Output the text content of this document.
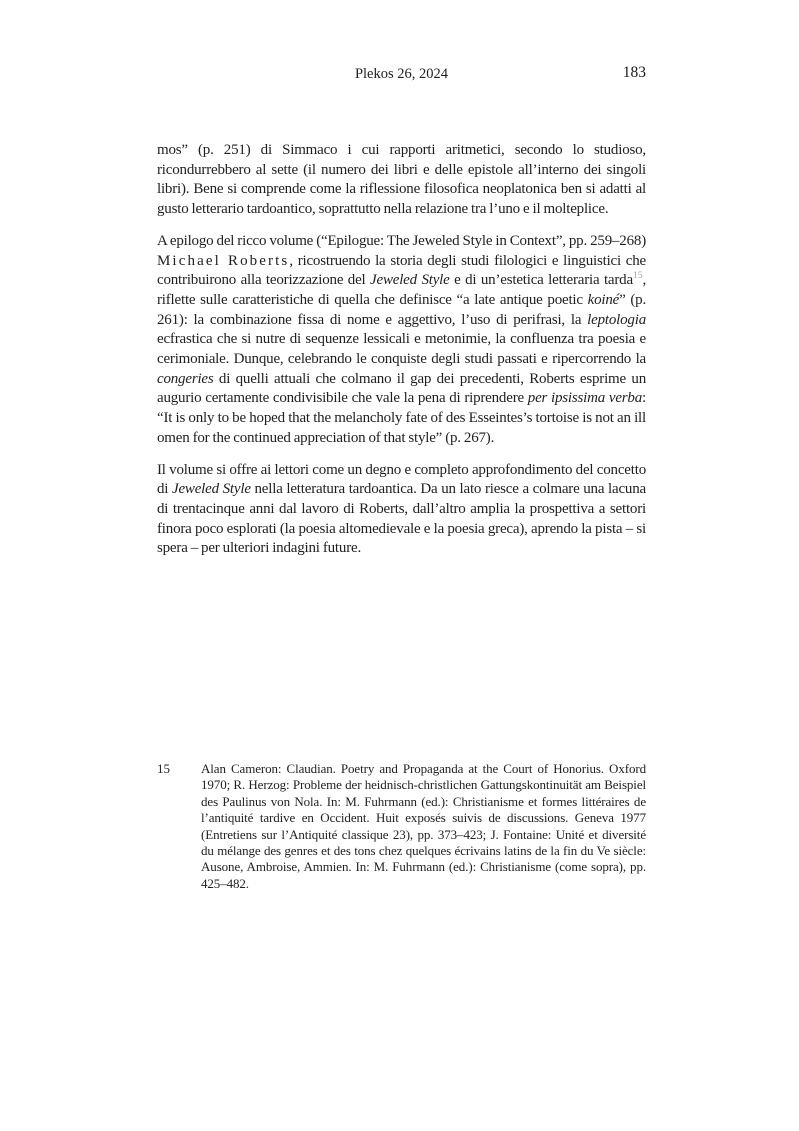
Plekos 26, 2024	183

mos” (p. 251) di Simmaco i cui rapporti aritmetici, secondo lo studioso, ricondurrebbero al sette (il numero dei libri e delle epistole all’interno dei singoli libri). Bene si comprende come la riflessione filosofica neoplatonica ben si adatti al gusto letterario tardoantico, soprattutto nella relazione tra l’uno e il molteplice.

A epilogo del ricco volume (“Epilogue: The Jeweled Style in Context”, pp. 259–268) Michael Roberts, ricostruendo la storia degli studi filologici e linguistici che contribuirono alla teorizzazione del Jeweled Style e di un’estetica letteraria tarda$^{15}$, riflette sulle caratteristiche di quella che definisce “a late antique poetic koiné” (p. 261): la combinazione fissa di nome e aggettivo, l’uso di perifrasi, la leptologia ecfrastica che si nutre di sequenze lessicali e metonimie, la confluenza tra poesia e cerimoniale. Dunque, celebrando le conquiste degli studi passati e ripercorrendo la congeries di quelli attuali che colmano il gap dei precedenti, Roberts esprime un augurio certamente condivisibile che vale la pena di riprendere per ipsissima verba: “It is only to be hoped that the melancholy fate of des Esseintes’s tortoise is not an ill omen for the continued appreciation of that style” (p. 267).

Il volume si offre ai lettori come un degno e completo approfondimento del concetto di Jeweled Style nella letteratura tardoantica. Da un lato riesce a colmare una lacuna di trentacinque anni dal lavoro di Roberts, dall’altro amplia la prospettiva a settori finora poco esplorati (la poesia altomedievale e la poesia greca), aprendo la pista – si spera – per ulteriori indagini future.

15	Alan Cameron: Claudian. Poetry and Propaganda at the Court of Honorius. Oxford 1970; R. Herzog: Probleme der heidnisch-christlichen Gattungskontinuität am Beispiel des Paulinus von Nola. In: M. Fuhrmann (ed.): Christianisme et formes littéraires de l’antiquité tardive en Occident. Huit exposés suivis de discussions. Geneva 1977 (Entretiens sur l’Antiquité classique 23), pp. 373–423; J. Fontaine: Unité et diversité du mélange des genres et des tons chez quelques écrivains latins de la fin du Ve siècle: Ausone, Ambroise, Ammien. In: M. Fuhrmann (ed.): Christianisme (come sopra), pp. 425–482.
